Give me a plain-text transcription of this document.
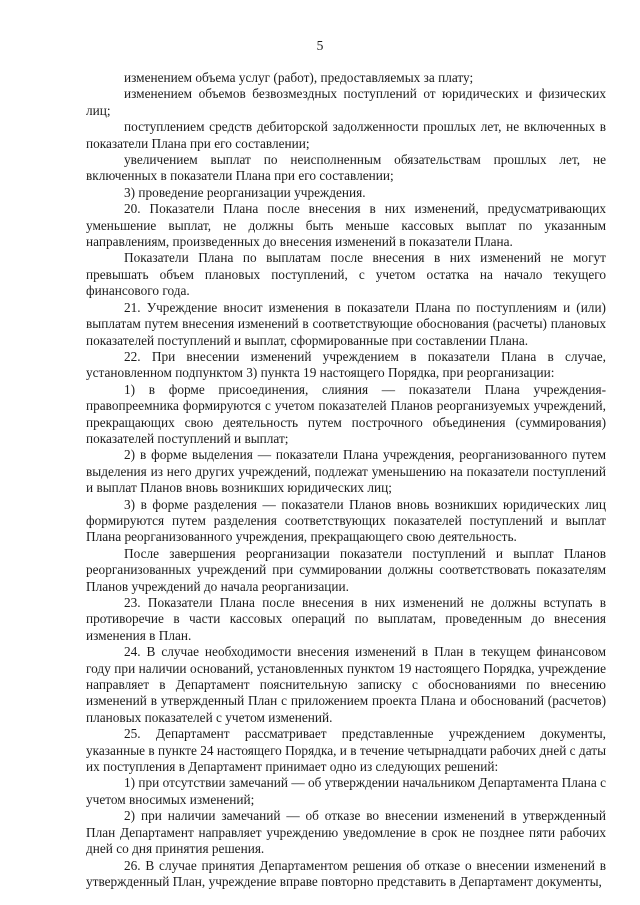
5

изменением объема услуг (работ), предоставляемых за плату;

изменением объемов безвозмездных поступлений от юридических и физических лиц;

поступлением средств дебиторской задолженности прошлых лет, не включенных в показатели Плана при его составлении;

увеличением выплат по неисполненным обязательствам прошлых лет, не включенных в показатели Плана при его составлении;

3) проведение реорганизации учреждения.

20. Показатели Плана после внесения в них изменений, предусматривающих уменьшение выплат, не должны быть меньше кассовых выплат по указанным направлениям, произведенных до внесения изменений в показатели Плана.

Показатели Плана по выплатам после внесения в них изменений не могут превышать объем плановых поступлений, с учетом остатка на начало текущего финансового года.

21. Учреждение вносит изменения в показатели Плана по поступлениям и (или) выплатам путем внесения изменений в соответствующие обоснования (расчеты) плановых показателей поступлений и выплат, сформированные при составлении Плана.

22. При внесении изменений учреждением в показатели Плана в случае, установленном подпунктом 3) пункта 19 настоящего Порядка, при реорганизации:

1) в форме присоединения, слияния — показатели Плана учреждения-правопреемника формируются с учетом показателей Планов реорганизуемых учреждений, прекращающих свою деятельность путем построчного объединения (суммирования) показателей поступлений и выплат;

2) в форме выделения — показатели Плана учреждения, реорганизованного путем выделения из него других учреждений, подлежат уменьшению на показатели поступлений и выплат Планов вновь возникших юридических лиц;

3) в форме разделения — показатели Планов вновь возникших юридических лиц формируются путем разделения соответствующих показателей поступлений и выплат Плана реорганизованного учреждения, прекращающего свою деятельность.

После завершения реорганизации показатели поступлений и выплат Планов реорганизованных учреждений при суммировании должны соответствовать показателям Планов учреждений до начала реорганизации.

23. Показатели Плана после внесения в них изменений не должны вступать в противоречие в части кассовых операций по выплатам, проведенным до внесения изменения в План.

24. В случае необходимости внесения изменений в План в текущем финансовом году при наличии оснований, установленных пунктом 19 настоящего Порядка, учреждение направляет в Департамент пояснительную записку с обоснованиями по внесению изменений в утвержденный План с приложением проекта Плана и обоснований (расчетов) плановых показателей с учетом изменений.

25. Департамент рассматривает представленные учреждением документы, указанные в пункте 24 настоящего Порядка, и в течение четырнадцати рабочих дней с даты их поступления в Департамент принимает одно из следующих решений:

1) при отсутствии замечаний — об утверждении начальником Департамента Плана с учетом вносимых изменений;

2) при наличии замечаний — об отказе во внесении изменений в утвержденный План Департамент направляет учреждению уведомление в срок не позднее пяти рабочих дней со дня принятия решения.

26. В случае принятия Департаментом решения об отказе о внесении изменений в утвержденный План, учреждение вправе повторно представить в Департамент документы,
